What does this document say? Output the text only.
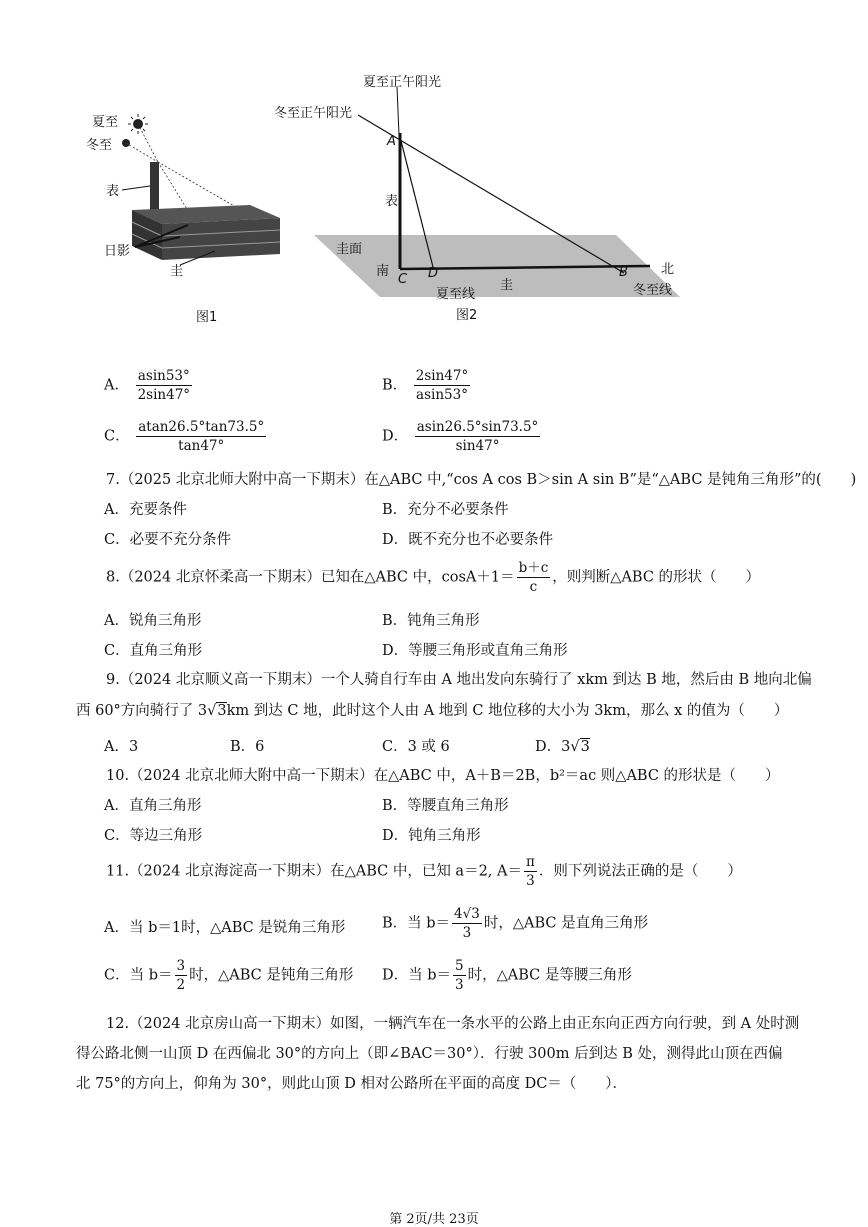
夏至
冬至
表
日影
圭
图1
夏至正午阳光
冬至正午阳光
A
表
圭面
南
C D
夏至线
圭
B	北
冬至线
图2
A． $\frac{asin53^\circ}{2\sin 47^\circ}$	B． $\frac{2\sin 47^\circ}{asin53^\circ}$
C． $\frac{atan26.5^\circ\tan 73.5^\circ}{\tan 47^\circ}$	D． $\frac{asin26.5^\circ\sin 73.5^\circ}{\sin 47^\circ}$
7.（2025 北京北师大附中高一下期末）在△ABC 中,“cos A cos B＞sin A sin B”是“△ABC 是钝角三角形”的(　　)
A．充要条件	B．充分不必要条件
C．必要不充分条件	D．既不充分也不必要条件
8.（2024 北京怀柔高一下期末）已知在△ABC 中，$\cos A+1= \frac{b+c}{c}$ ，则判断△ABC 的形状（　　）
A．锐角三角形	B．钝角三角形
C．直角三角形	D．等腰三角形或直角三角形
9.（2024 北京顺义高一下期末）一个人骑自行车由 A 地出发向东骑行了 xkm 到达 B 地，然后由 B 地向北偏
西 60°方向骑行了 3√3km 到达 C 地，此时这个人由 A 地到 C 地位移的大小为 3km，那么 x 的值为（　　）
A．3	B．6	C．3 或 6	D．3√3
10.（2024 北京北师大附中高一下期末）在△ABC 中，A＋B＝2B，b²＝ac 则△ABC 的形状是（　　）
A．直角三角形	B．等腰直角三角形
C．等边三角形	D．钝角三角形
11.（2024 北京海淀高一下期末）在△ABC 中，已知 a＝2, $A= \frac{\pi}{3}$ ．则下列说法正确的是（　　）
A．当 b＝1时，△ABC 是锐角三角形	B．当 $b= \frac{4√3}{3}$ 时，△ABC 是直角三角形
C．当 $b= \frac{3}{2}$ 时，△ABC 是钝角三角形 D．当 $b= \frac{5}{3}$ 时，△ABC 是等腰三角形
12.（2024 北京房山高一下期末）如图，一辆汽车在一条水平的公路上由正东向正西方向行驶，到 A 处时测
得公路北侧一山顶 D 在西偏北 30°的方向上（即∠BAC＝30°）．行驶 300m 后到达 B 处，测得此山顶在西偏
北 75°的方向上，仰角为 30°，则此山顶 D 相对公路所在平面的高度 DC＝（　　）．
第 2页/共 23页
